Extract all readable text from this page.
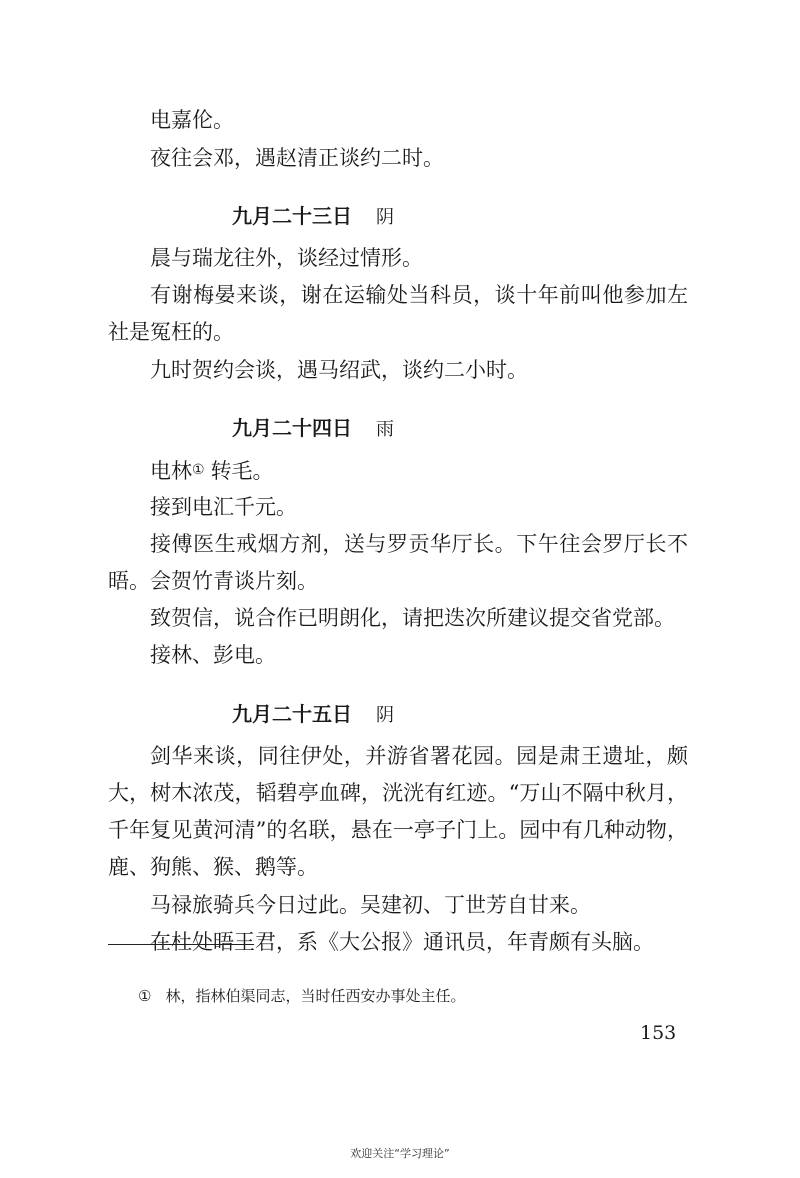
电嘉伦。

夜往会邓，遇赵清正谈约二时。

九月二十三日 阴

晨与瑞龙往外，谈经过情形。

有谢梅晏来谈，谢在运输处当科员，谈十年前叫他参加左社是冤枉的。

九时贺约会谈，遇马绍武，谈约二小时。

九月二十四日 雨

电林① 转毛。

接到电汇千元。

接傅医生戒烟方剂，送与罗贡华厅长。下午往会罗厅长不晤。会贺竹青谈片刻。

致贺信，说合作已明朗化，请把迭次所建议提交省党部。

接林、彭电。

九月二十五日 阴

剑华来谈，同往伊处，并游省署花园。园是肃王遗址，颇大，树木浓茂，韬碧亭血碑，洸洸有红迹。“万山不隔中秋月，千年复见黄河清”的名联，悬在一亭子门上。园中有几种动物，鹿、狗熊、猴、鹅等。

马禄旅骑兵今日过此。吴建初、丁世芳自甘来。

在杜处晤王君，系《大公报》通讯员，年青颇有头脑。

① 林，指林伯渠同志，当时任西安办事处主任。

153

欢迎关注“学习理论”
